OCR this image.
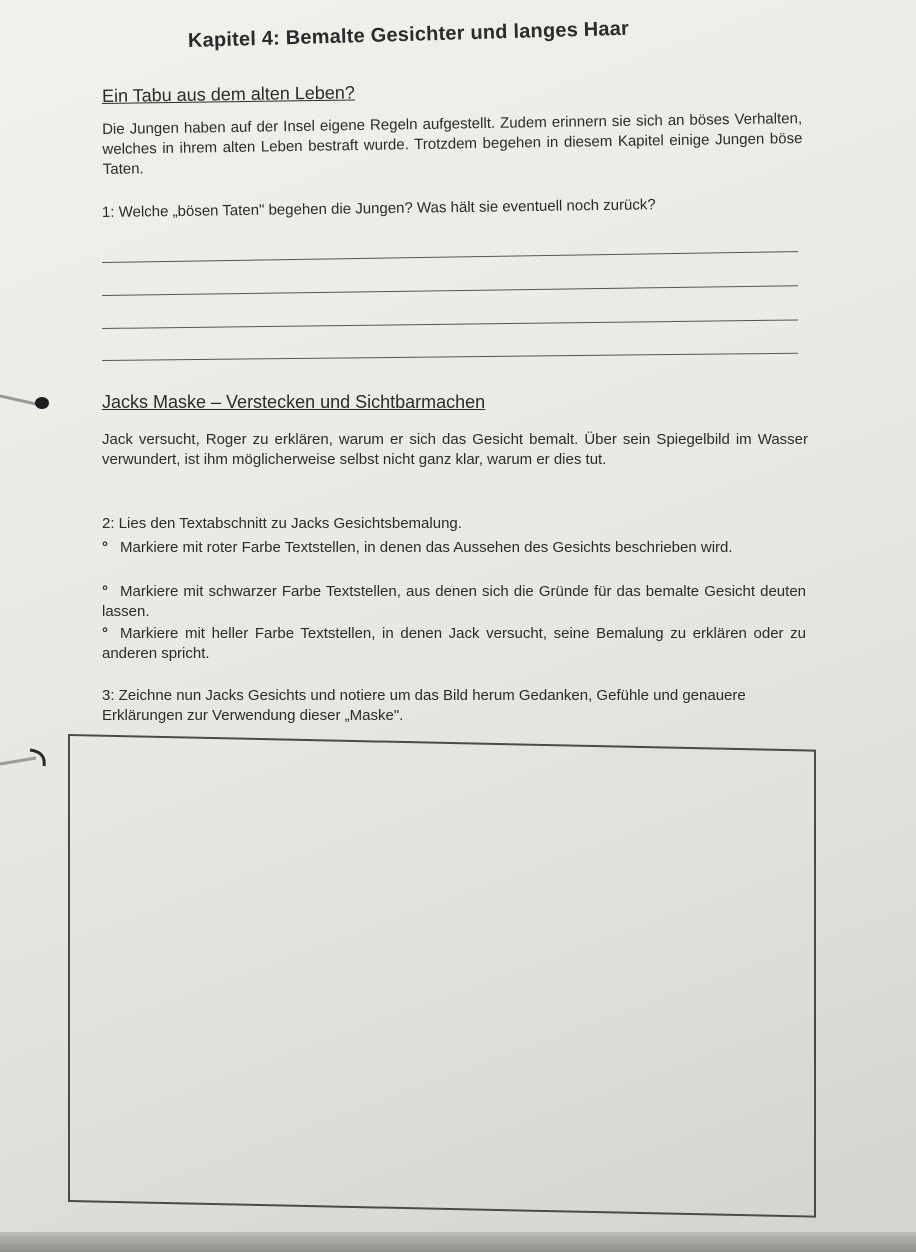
Kapitel 4: Bemalte Gesichter und langes Haar
Ein Tabu aus dem alten Leben?
Die Jungen haben auf der Insel eigene Regeln aufgestellt. Zudem erinnern sie sich an böses Verhalten, welches in ihrem alten Leben bestraft wurde. Trotzdem begehen in diesem Kapitel einige Jungen böse Taten.
1: Welche „bösen Taten" begehen die Jungen? Was hält sie eventuell noch zurück?
Jacks Maske – Verstecken und Sichtbarmachen
Jack versucht, Roger zu erklären, warum er sich das Gesicht bemalt. Über sein Spiegelbild im Wasser verwundert, ist ihm möglicherweise selbst nicht ganz klar, warum er dies tut.
2: Lies den Textabschnitt zu Jacks Gesichtsbemalung.
° Markiere mit roter Farbe Textstellen, in denen das Aussehen des Gesichts beschrieben wird.
° Markiere mit schwarzer Farbe Textstellen, aus denen sich die Gründe für das bemalte Gesicht deuten lassen.
° Markiere mit heller Farbe Textstellen, in denen Jack versucht, seine Bemalung zu erklären oder zu anderen spricht.
3: Zeichne nun Jacks Gesichts und notiere um das Bild herum Gedanken, Gefühle und genauere Erklärungen zur Verwendung dieser „Maske".
